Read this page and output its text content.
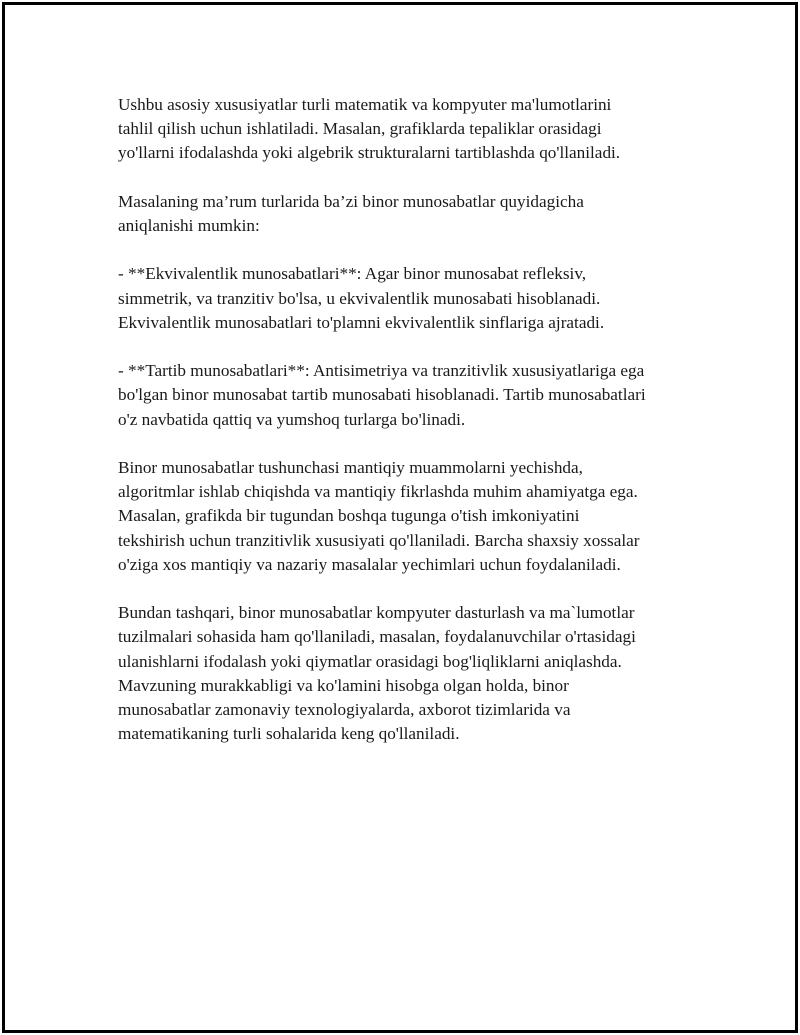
Ushbu asosiy xususiyatlar turli matematik va kompyuter ma'lumotlarini
tahlil qilish uchun ishlatiladi. Masalan, grafiklarda tepaliklar orasidagi
yo'llarni ifodalashda yoki algebrik strukturalarni tartiblashda qo'llaniladi.

Masalaning ma’rum turlarida ba’zi binor munosabatlar quyidagicha
aniqlanishi mumkin:

- **Ekvivalentlik munosabatlari**: Agar binor munosabat refleksiv,
simmetrik, va tranzitiv bo'lsa, u ekvivalentlik munosabati hisoblanadi.
Ekvivalentlik munosabatlari to'plamni ekvivalentlik sinflariga ajratadi.

- **Tartib munosabatlari**: Antisimetriya va tranzitivlik xususiyatlariga ega
bo'lgan binor munosabat tartib munosabati hisoblanadi. Tartib munosabatlari
o'z navbatida qattiq va yumshoq turlarga bo'linadi.

Binor munosabatlar tushunchasi mantiqiy muammolarni yechishda,
algoritmlar ishlab chiqishda va mantiqiy fikrlashda muhim ahamiyatga ega.
Masalan, grafikda bir tugundan boshqa tugunga o'tish imkoniyatini
tekshirish uchun tranzitivlik xususiyati qo'llaniladi. Barcha shaxsiy xossalar
o'ziga xos mantiqiy va nazariy masalalar yechimlari uchun foydalaniladi.

Bundan tashqari, binor munosabatlar kompyuter dasturlash va ma`lumotlar
tuzilmalari sohasida ham qo'llaniladi, masalan, foydalanuvchilar o'rtasidagi
ulanishlarni ifodalash yoki qiymatlar orasidagi bog'liqliklarni aniqlashda.
Mavzuning murakkabligi va ko'lamini hisobga olgan holda, binor
munosabatlar zamonaviy texnologiyalarda, axborot tizimlarida va
matematikaning turli sohalarida keng qo'llaniladi.
